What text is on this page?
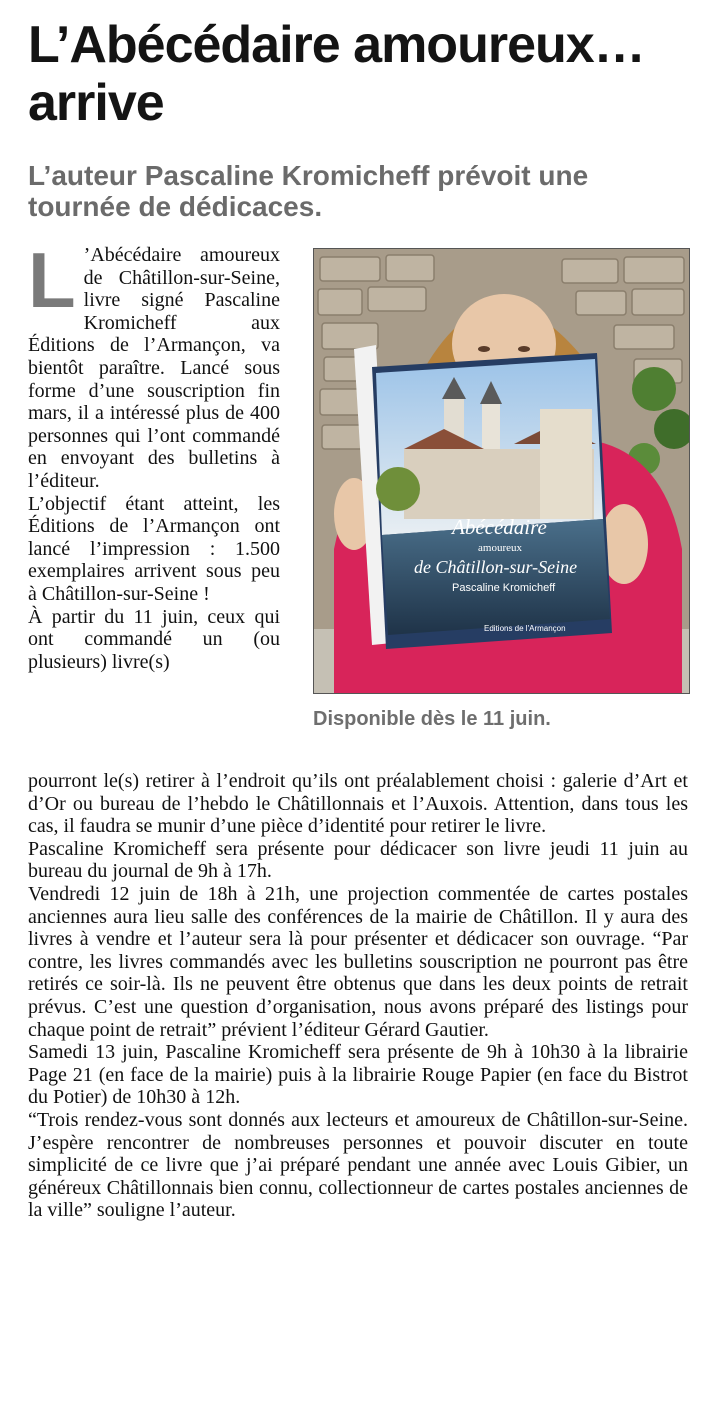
L’Abécédaire amoureux… arrive
L’auteur Pascaline Kromicheff prévoit une tournée de dédicaces.
L ’Abécédaire amoureux de Châtillon-sur-Seine, livre signé Pascaline Kromicheff aux Éditions de l’Armançon, va bientôt paraître. Lancé sous forme d’une souscription fin mars, il a intéressé plus de 400 personnes qui l’ont commandé en envoyant des bulletins à l’éditeur.

L’objectif étant atteint, les Éditions de l’Armançon ont lancé l’impression : 1.500 exemplaires arrivent sous peu à Châtillon-sur-Seine !

À partir du 11 juin, ceux qui ont commandé un (ou plusieurs) livre(s)

Abécédaire
amoureux
de Châtillon-sur-Seine
Pascaline Kromicheff
Editions de l'Armançon

Disponible dès le 11 juin.

pourront le(s) retirer à l’endroit qu’ils ont préalablement choisi : galerie d’Art et d’Or ou bureau de l’hebdo le Châtillonnais et l’Auxois. Attention, dans tous les cas, il faudra se munir d’une pièce d’identité pour retirer le livre.

Pascaline Kromicheff sera présente pour dédicacer son livre jeudi 11 juin au bureau du journal de 9h à 17h.

Vendredi 12 juin de 18h à 21h, une projection commentée de cartes postales anciennes aura lieu salle des conférences de la mairie de Châtillon. Il y aura des livres à vendre et l’auteur sera là pour présenter et dédicacer son ouvrage. “Par contre, les livres commandés avec les bulletins souscription ne pourront pas être retirés ce soir-là. Ils ne peuvent être obtenus que dans les deux points de retrait prévus. C’est une question d’organisation, nous avons préparé des listings pour chaque point de retrait” prévient l’éditeur Gérard Gautier.

Samedi 13 juin, Pascaline Kromicheff sera présente de 9h à 10h30 à la librairie Page 21 (en face de la mairie) puis à la librairie Rouge Papier (en face du Bistrot du Potier) de 10h30 à 12h.

“Trois rendez-vous sont donnés aux lecteurs et amoureux de Châtillon-sur-Seine. J’espère rencontrer de nombreuses personnes et pouvoir discuter en toute simplicité de ce livre que j’ai préparé pendant une année avec Louis Gibier, un généreux Châtillonnais bien connu, collectionneur de cartes postales anciennes de la ville” souligne l’auteur.
